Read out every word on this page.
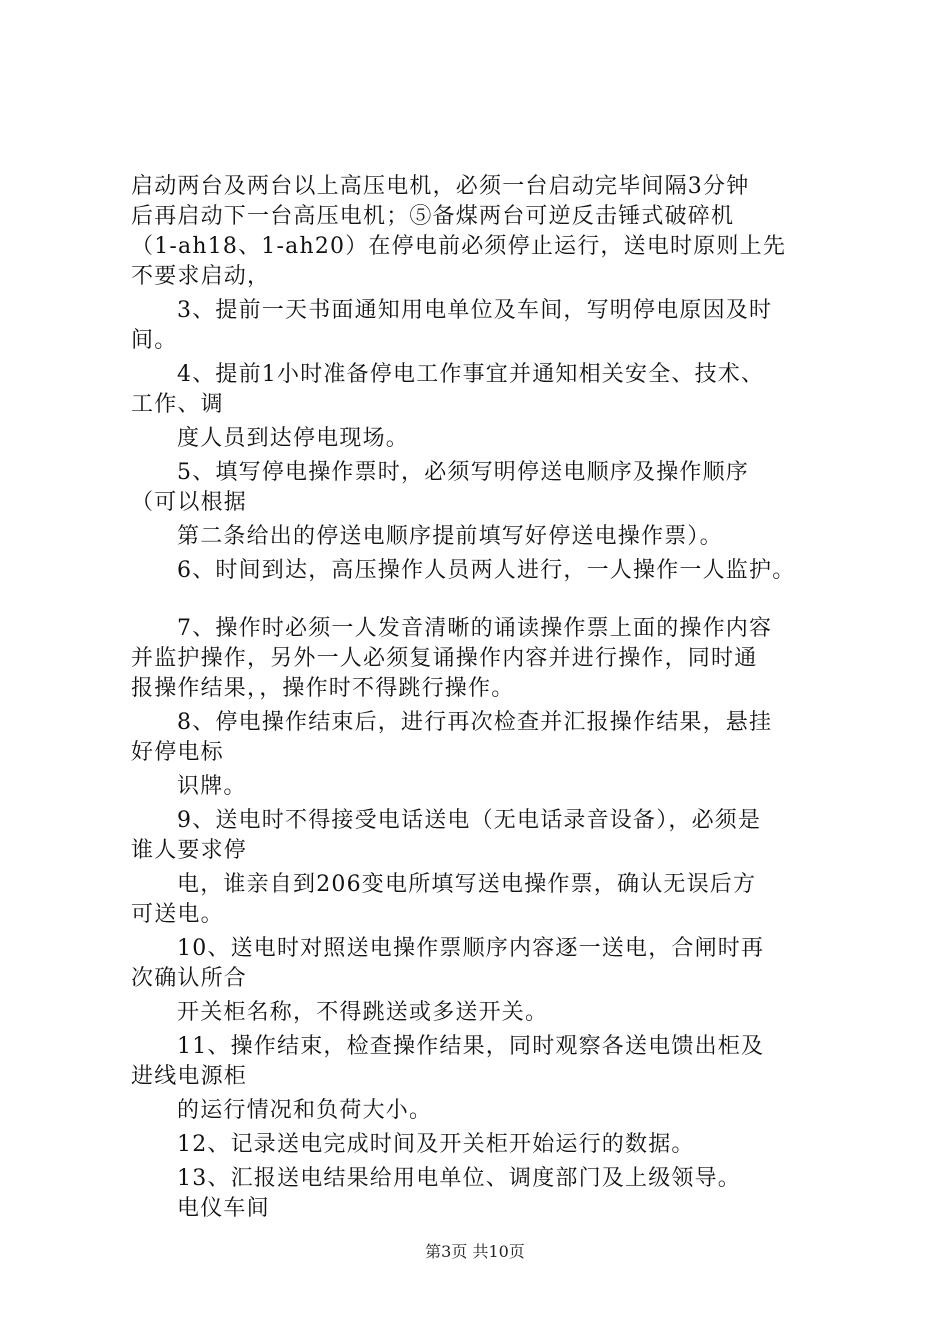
启动两台及两台以上高压电机，必须一台启动完毕间隔3分钟
后再启动下一台高压电机；⑤备煤两台可逆反击锤式破碎机
（1-ah18、1-ah20）在停电前必须停止运行，送电时原则上先
不要求启动，
3、提前一天书面通知用电单位及车间，写明停电原因及时
间。
4、提前1小时准备停电工作事宜并通知相关安全、技术、
工作、调
度人员到达停电现场。
5、填写停电操作票时，必须写明停送电顺序及操作顺序
（可以根据
第二条给出的停送电顺序提前填写好停送电操作票）。
6、时间到达，高压操作人员两人进行，一人操作一人监护。
7、操作时必须一人发音清晰的诵读操作票上面的操作内容
并监护操作，另外一人必须复诵操作内容并进行操作，同时通
报操作结果，，操作时不得跳行操作。
8、停电操作结束后，进行再次检查并汇报操作结果，悬挂
好停电标
识牌。
9、送电时不得接受电话送电（无电话录音设备），必须是
谁人要求停
电，谁亲自到206变电所填写送电操作票，确认无误后方
可送电。
10、送电时对照送电操作票顺序内容逐一送电，合闸时再
次确认所合
开关柜名称，不得跳送或多送开关。
11、操作结束，检查操作结果，同时观察各送电馈出柜及
进线电源柜
的运行情况和负荷大小。
12、记录送电完成时间及开关柜开始运行的数据。
13、汇报送电结果给用电单位、调度部门及上级领导。
电仪车间
第3页 共10页
